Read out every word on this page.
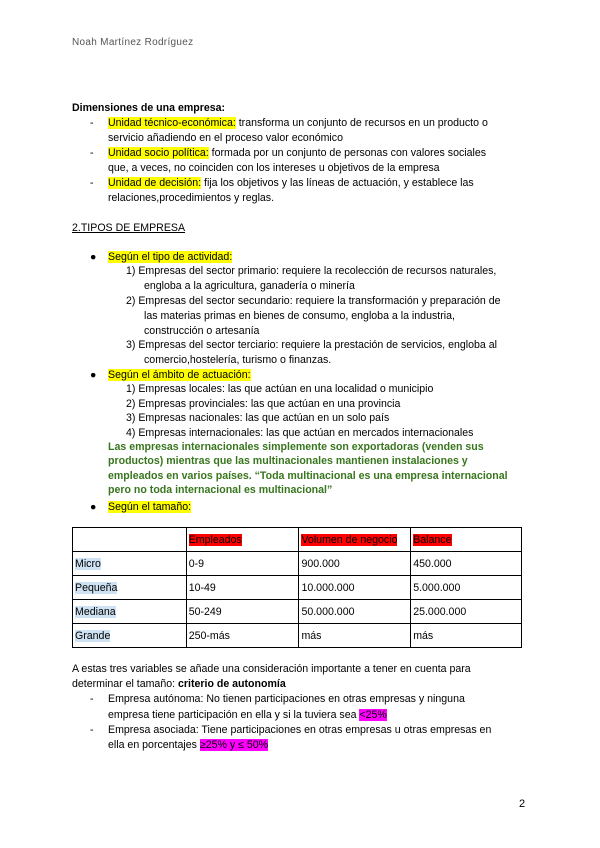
Noah Martínez Rodríguez
Dimensiones de una empresa:
- Unidad técnico-económica: transforma un conjunto de recursos en un producto o
servicio añadiendo en el proceso valor económico
- Unidad socio política: formada por un conjunto de personas con valores sociales
que, a veces, no coinciden con los intereses u objetivos de la empresa
- Unidad de decisión: fija los objetivos y las líneas de actuación, y establece las
relaciones,procedimientos y reglas.
2.TIPOS DE EMPRESA
● Según el tipo de actividad:
1) Empresas del sector primario: requiere la recolección de recursos naturales,
engloba a la agricultura, ganadería o minería
2) Empresas del sector secundario: requiere la transformación y preparación de
las materias primas en bienes de consumo, engloba a la industria,
construcción o artesanía
3) Empresas del sector terciario: requiere la prestación de servicios, engloba al
comercio,hostelería, turismo o finanzas.
● Según el ámbito de actuación:
1) Empresas locales: las que actúan en una localidad o municipio
2) Empresas provinciales: las que actúan en una provincia
3) Empresas nacionales: las que actúan en un solo país
4) Empresas internacionales: las que actúan en mercados internacionales
Las empresas internacionales simplemente son exportadoras (venden sus
productos) mientras que las multinacionales mantienen instalaciones y
empleados en varios países. “Toda multinacional es una empresa internacional
pero no toda internacional es multinacional”
● Según el tamaño:
	Empleados	Volumen de negocio	Balance
Micro	0-9	900.000	450.000
Pequeña	10-49	10.000.000	5.000.000
Mediana	50-249	50.000.000	25.000.000
Grande	250-más	más	más
A estas tres variables se añade una consideración importante a tener en cuenta para
determinar el tamaño: criterio de autonomía
- Empresa autónoma: No tienen participaciones en otras empresas y ninguna
empresa tiene participación en ella y si la tuviera sea <25%
- Empresa asociada: Tiene participaciones en otras empresas u otras empresas en
ella en porcentajes ≥25% y ≤ 50%
2
